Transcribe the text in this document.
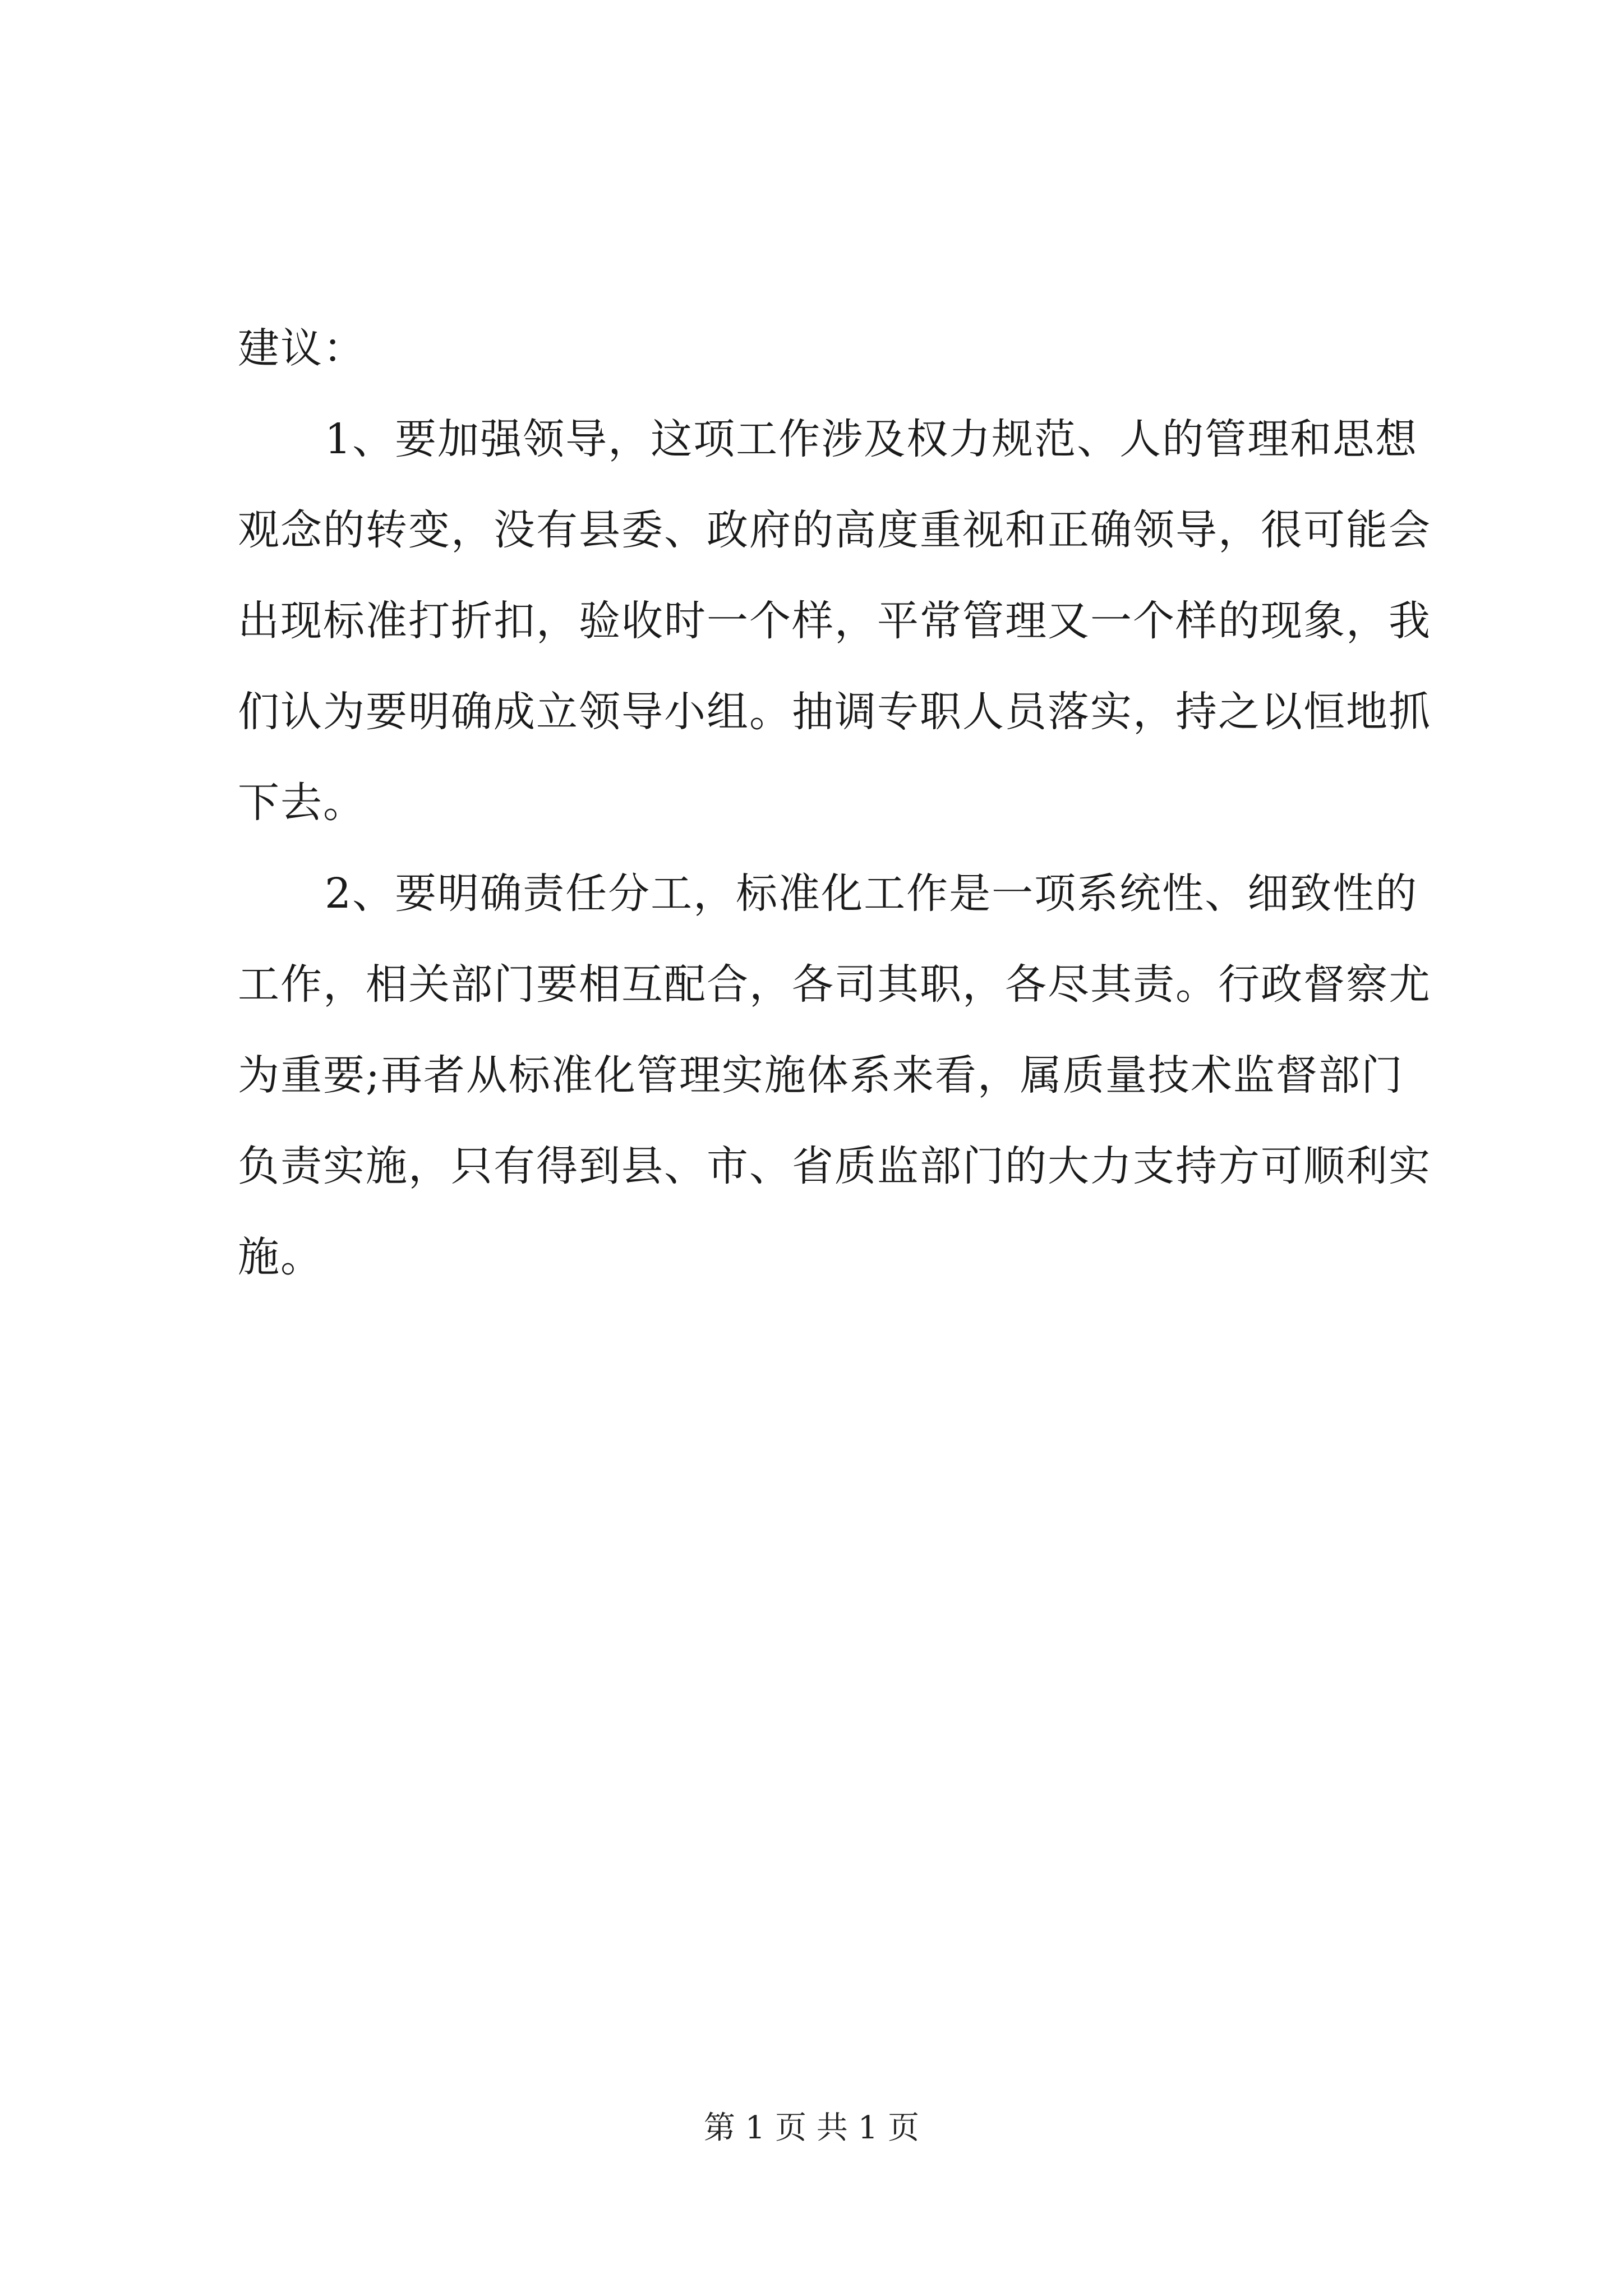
建议：
1、要加强领导，这项工作涉及权力规范、人的管理和思想
观念的转变，没有县委、政府的高度重视和正确领导，很可能会
出现标准打折扣，验收时一个样，平常管理又一个样的现象，我
们认为要明确成立领导小组。抽调专职人员落实，持之以恒地抓
下去。
2、要明确责任分工，标准化工作是一项系统性、细致性的
工作，相关部门要相互配合，各司其职，各尽其责。行政督察尤
为重要;再者从标准化管理实施体系来看，属质量技术监督部门
负责实施，只有得到县、市、省质监部门的大力支持方可顺利实
施。
第 1 页 共 1 页
